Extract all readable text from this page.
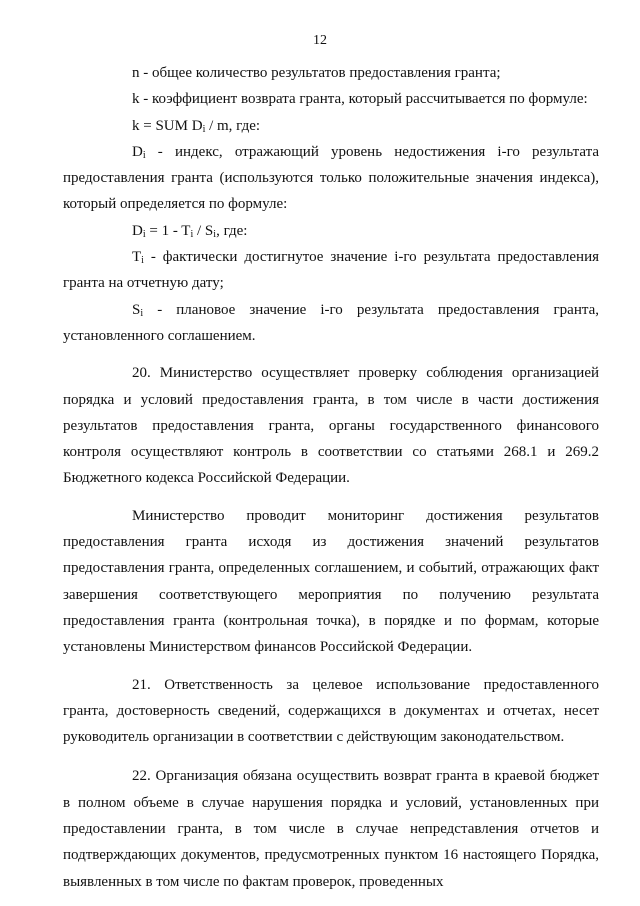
12

n - общее количество результатов предоставления гранта;

k - коэффициент возврата гранта, который рассчитывается по формуле:

k = SUM $D_i$ / m, где:

$D_i$ - индекс, отражающий уровень недостижения i-го результата предоставления гранта (используются только положительные значения индекса), который определяется по формуле:

$D_i = 1 - T_i / S_i$, где:

$T_i$ - фактически достигнутое значение i-го результата предоставления гранта на отчетную дату;

$S_i$ - плановое значение i-го результата предоставления гранта, установленного соглашением.

20. Министерство осуществляет проверку соблюдения организацией порядка и условий предоставления гранта, в том числе в части достижения результатов предоставления гранта, органы государственного финансового контроля осуществляют контроль в соответствии со статьями 268.1 и 269.2 Бюджетного кодекса Российской Федерации.

Министерство проводит мониторинг достижения результатов предоставления гранта исходя из достижения значений результатов предоставления гранта, определенных соглашением, и событий, отражающих факт завершения соответствующего мероприятия по получению результата предоставления гранта (контрольная точка), в порядке и по формам, которые установлены Министерством финансов Российской Федерации.

21. Ответственность за целевое использование предоставленного гранта, достоверность сведений, содержащихся в документах и отчетах, несет руководитель организации в соответствии с действующим законодательством.

22. Организация обязана осуществить возврат гранта в краевой бюджет в полном объеме в случае нарушения порядка и условий, установленных при предоставлении гранта, в том числе в случае непредставления отчетов и подтверждающих документов, предусмотренных пунктом 16 настоящего Порядка, выявленных в том числе по фактам проверок, проведенных
